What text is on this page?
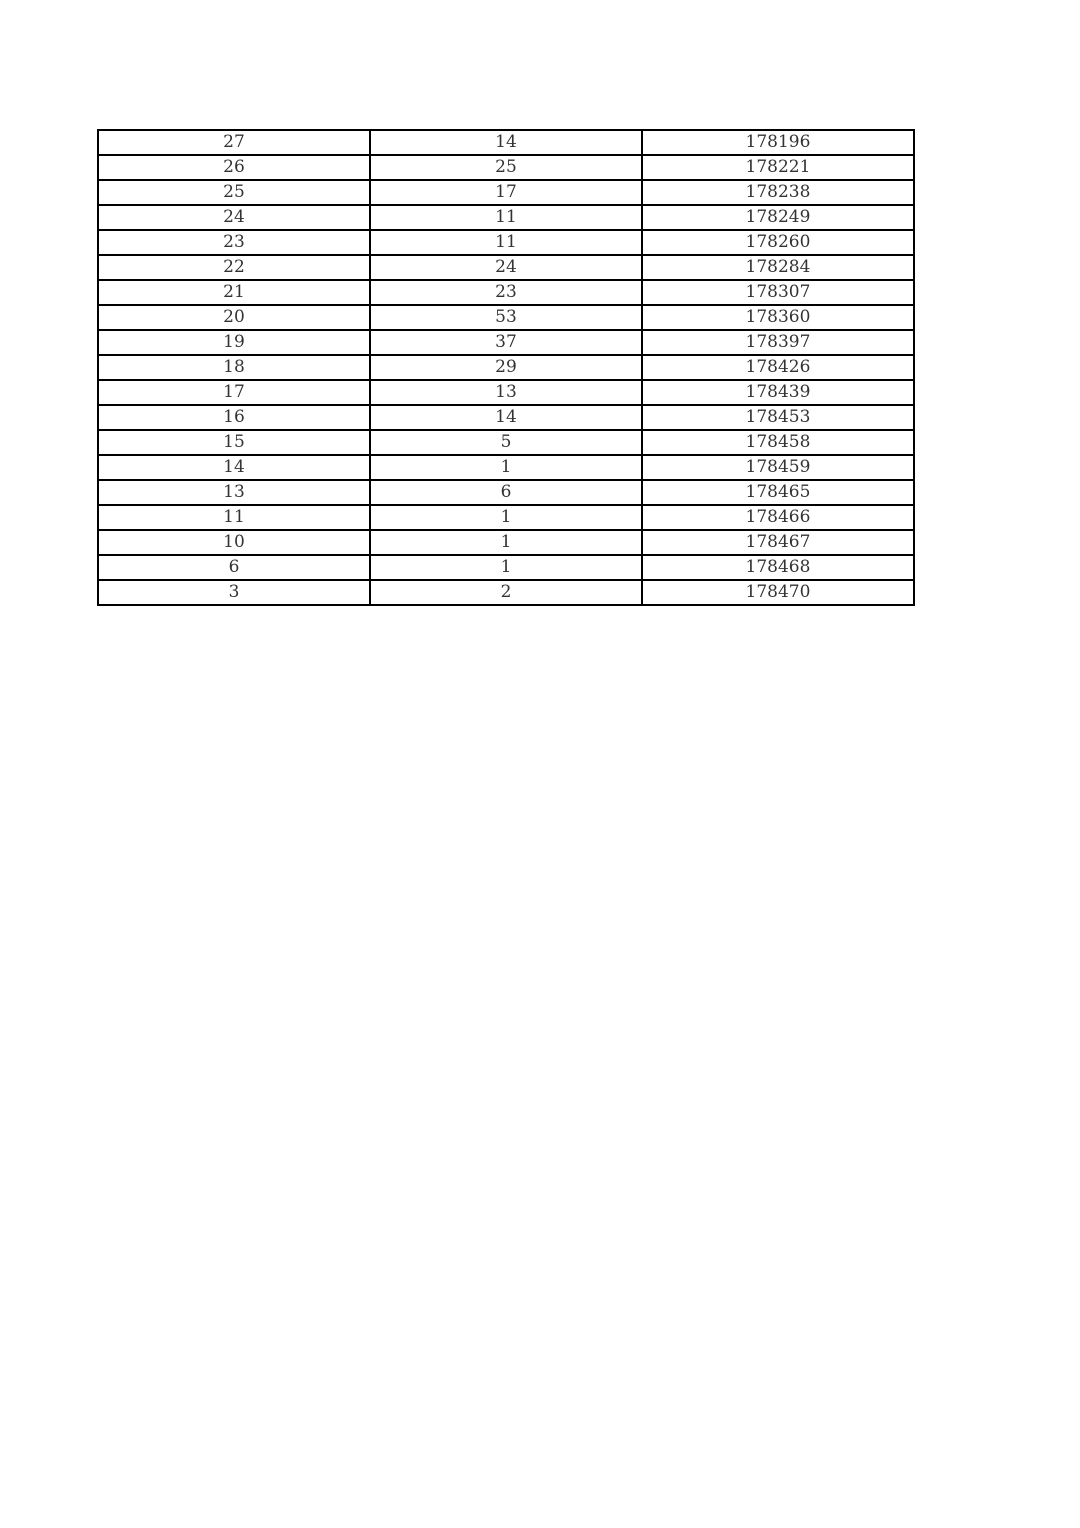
27	14	178196
26	25	178221
25	17	178238
24	11	178249
23	11	178260
22	24	178284
21	23	178307
20	53	178360
19	37	178397
18	29	178426
17	13	178439
16	14	178453
15	5	178458
14	1	178459
13	6	178465
11	1	178466
10	1	178467
6	1	178468
3	2	178470
